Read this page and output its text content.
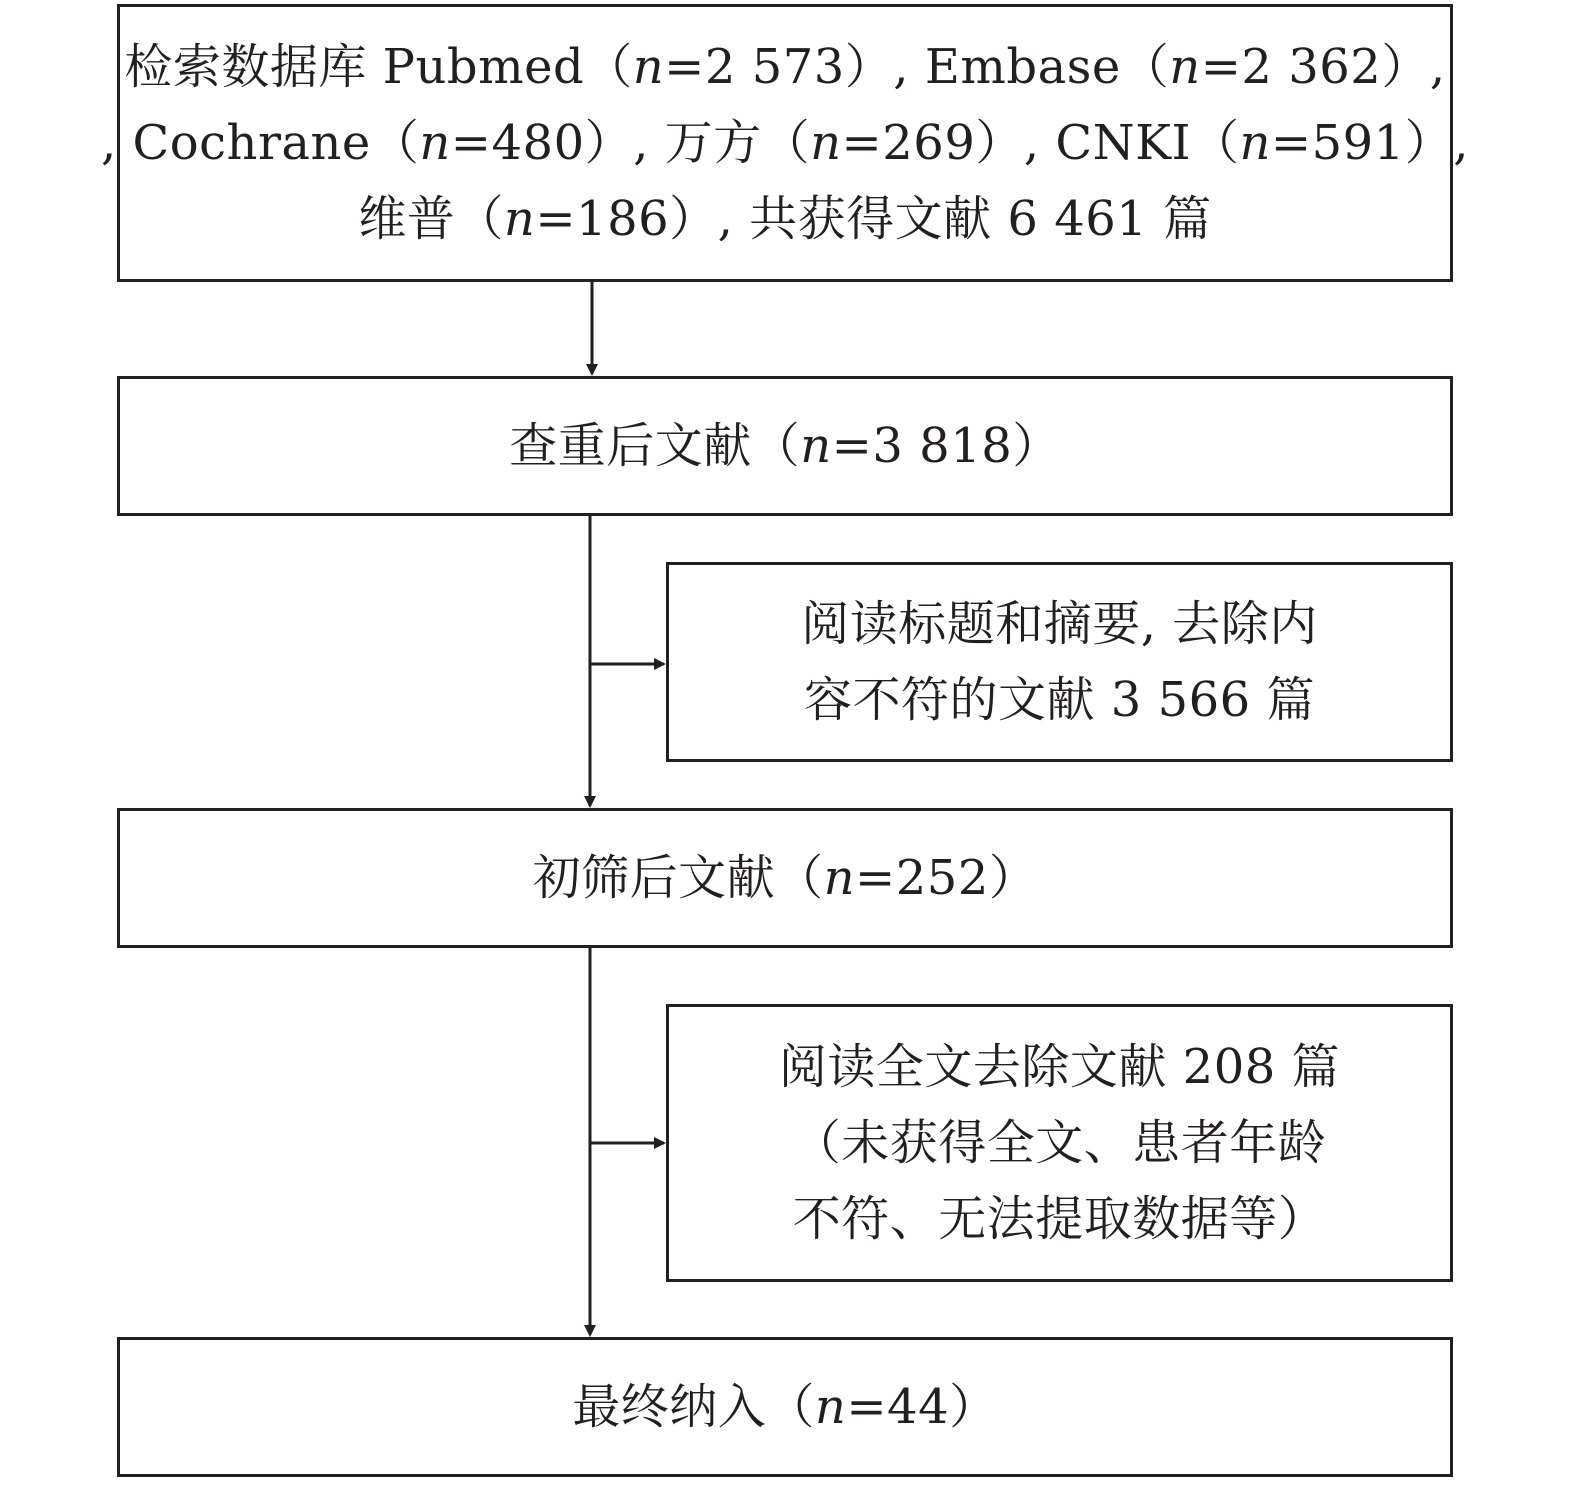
检索数据库 Pubmed（n=2 573）, Embase（n=2 362）,
, Cochrane（n=480）, 万方（n=269）, CNKI（n=591）,
维普（n=186）, 共获得文献 6 461 篇
查重后文献（n=3 818）
阅读标题和摘要, 去除内
容不符的文献 3 566 篇
初筛后文献（n=252）
阅读全文去除文献 208 篇
（未获得全文、患者年龄
不符、无法提取数据等）
最终纳入（n=44）
